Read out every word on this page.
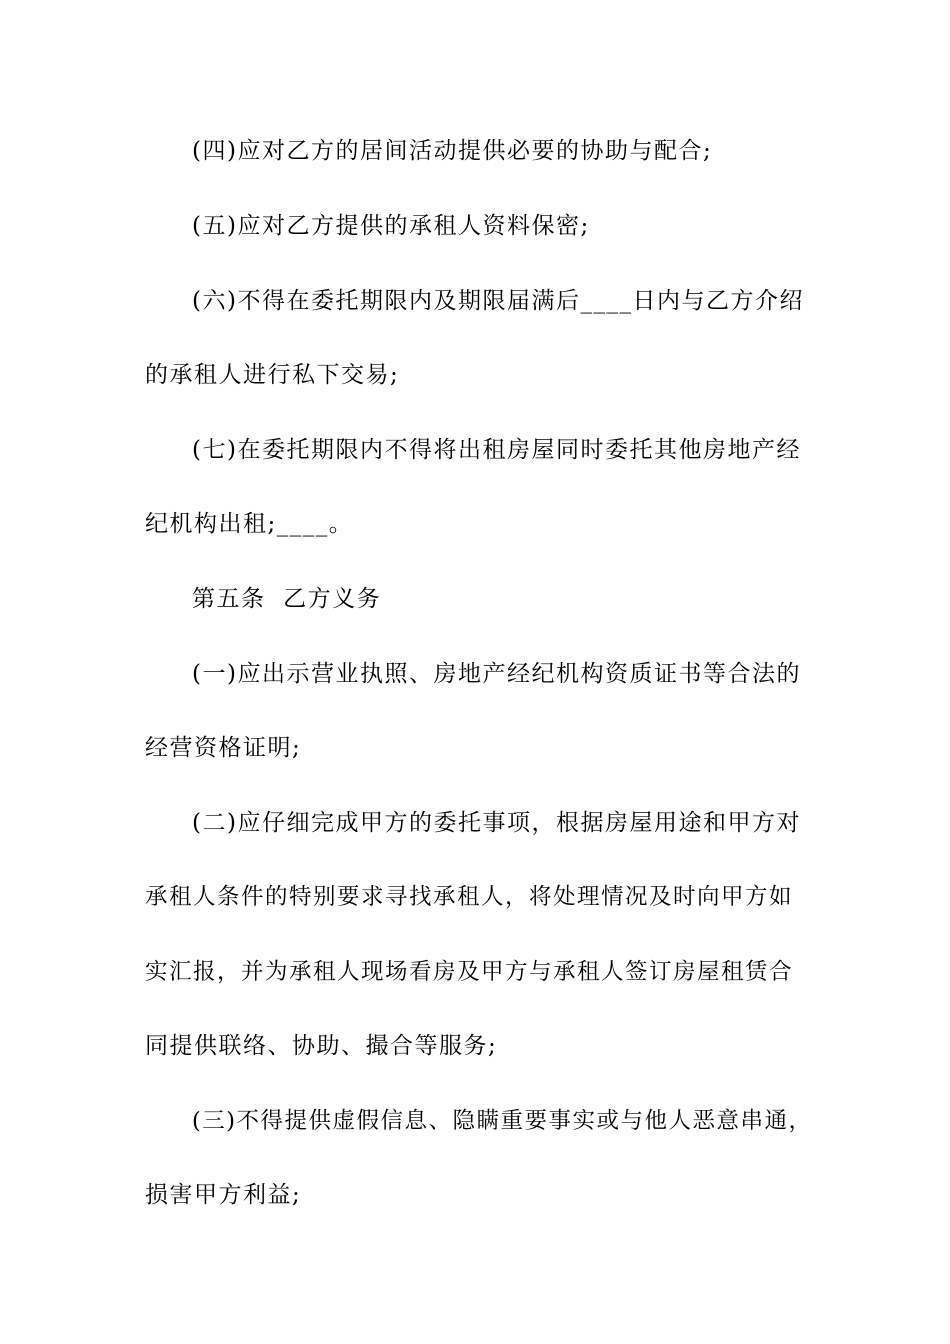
(四)应对乙方的居间活动提供必要的协助与配合;
(五)应对乙方提供的承租人资料保密;
(六)不得在委托期限内及期限届满后____日内与乙方介绍
的承租人进行私下交易;
(七)在委托期限内不得将出租房屋同时委托其他房地产经
纪机构出租;____。
第五条  乙方义务
(一)应出示营业执照、房地产经纪机构资质证书等合法的
经营资格证明;
(二)应仔细完成甲方的委托事项，根据房屋用途和甲方对
承租人条件的特别要求寻找承租人，将处理情况及时向甲方如
实汇报，并为承租人现场看房及甲方与承租人签订房屋租赁合
同提供联络、协助、撮合等服务;
(三)不得提供虚假信息、隐瞒重要事实或与他人恶意串通，
损害甲方利益;
